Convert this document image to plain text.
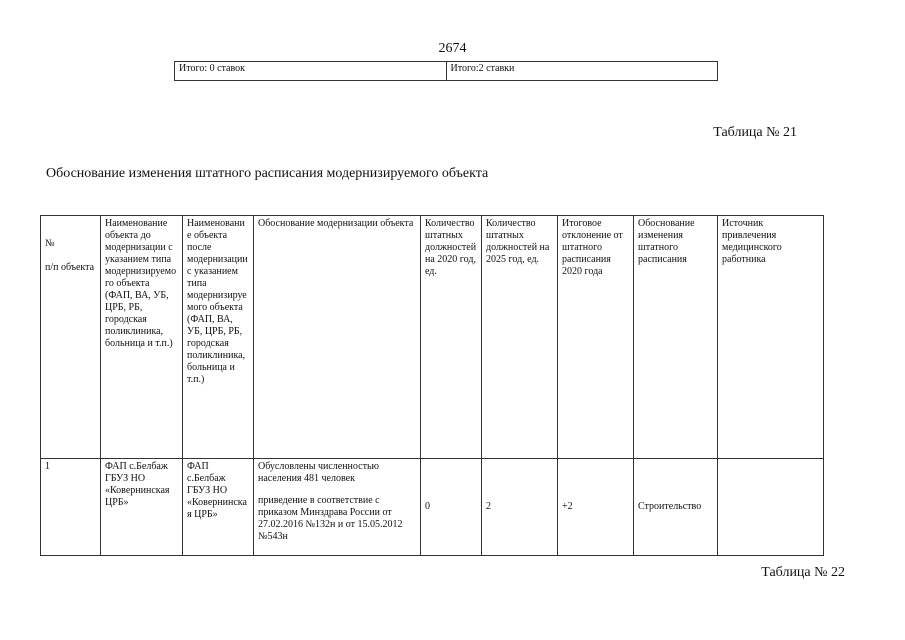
2674
Итого: 0 ставок	Итого:2 ставки
Таблица № 21
Обоснование изменения штатного расписания модернизируемого объекта
№
п/п объекта	Наименование объекта до модернизации с указанием типа модернизируемого объекта (ФАП, ВА, УБ, ЦРБ, РБ, городская поликлиника, больница и т.п.)	Наименование объекта после модернизации с указанием типа модернизируемого объекта (ФАП, ВА, УБ, ЦРБ, РБ, городская поликлиника, больница и т.п.)	Обоснование модернизации объекта	Количество штатных должностей на 2020 год, ед.	Количество штатных должностей на 2025 год, ед.	Итоговое отклонение от штатного расписания 2020 года	Обоснование изменения штатного расписания	Источник привлечения медицинского работника
1	ФАП с.Белбаж ГБУЗ НО «Ковернинская ЦРБ»	ФАП с.Белбаж ГБУЗ НО «Ковернинская ЦРБ»	Обусловлены численностью населения 481 человек

приведение в соответствие с приказом Минздрава России от 27.02.2016 №132н и от 15.05.2012 №543н	0	2	+2	Строительство	
Таблица № 22
